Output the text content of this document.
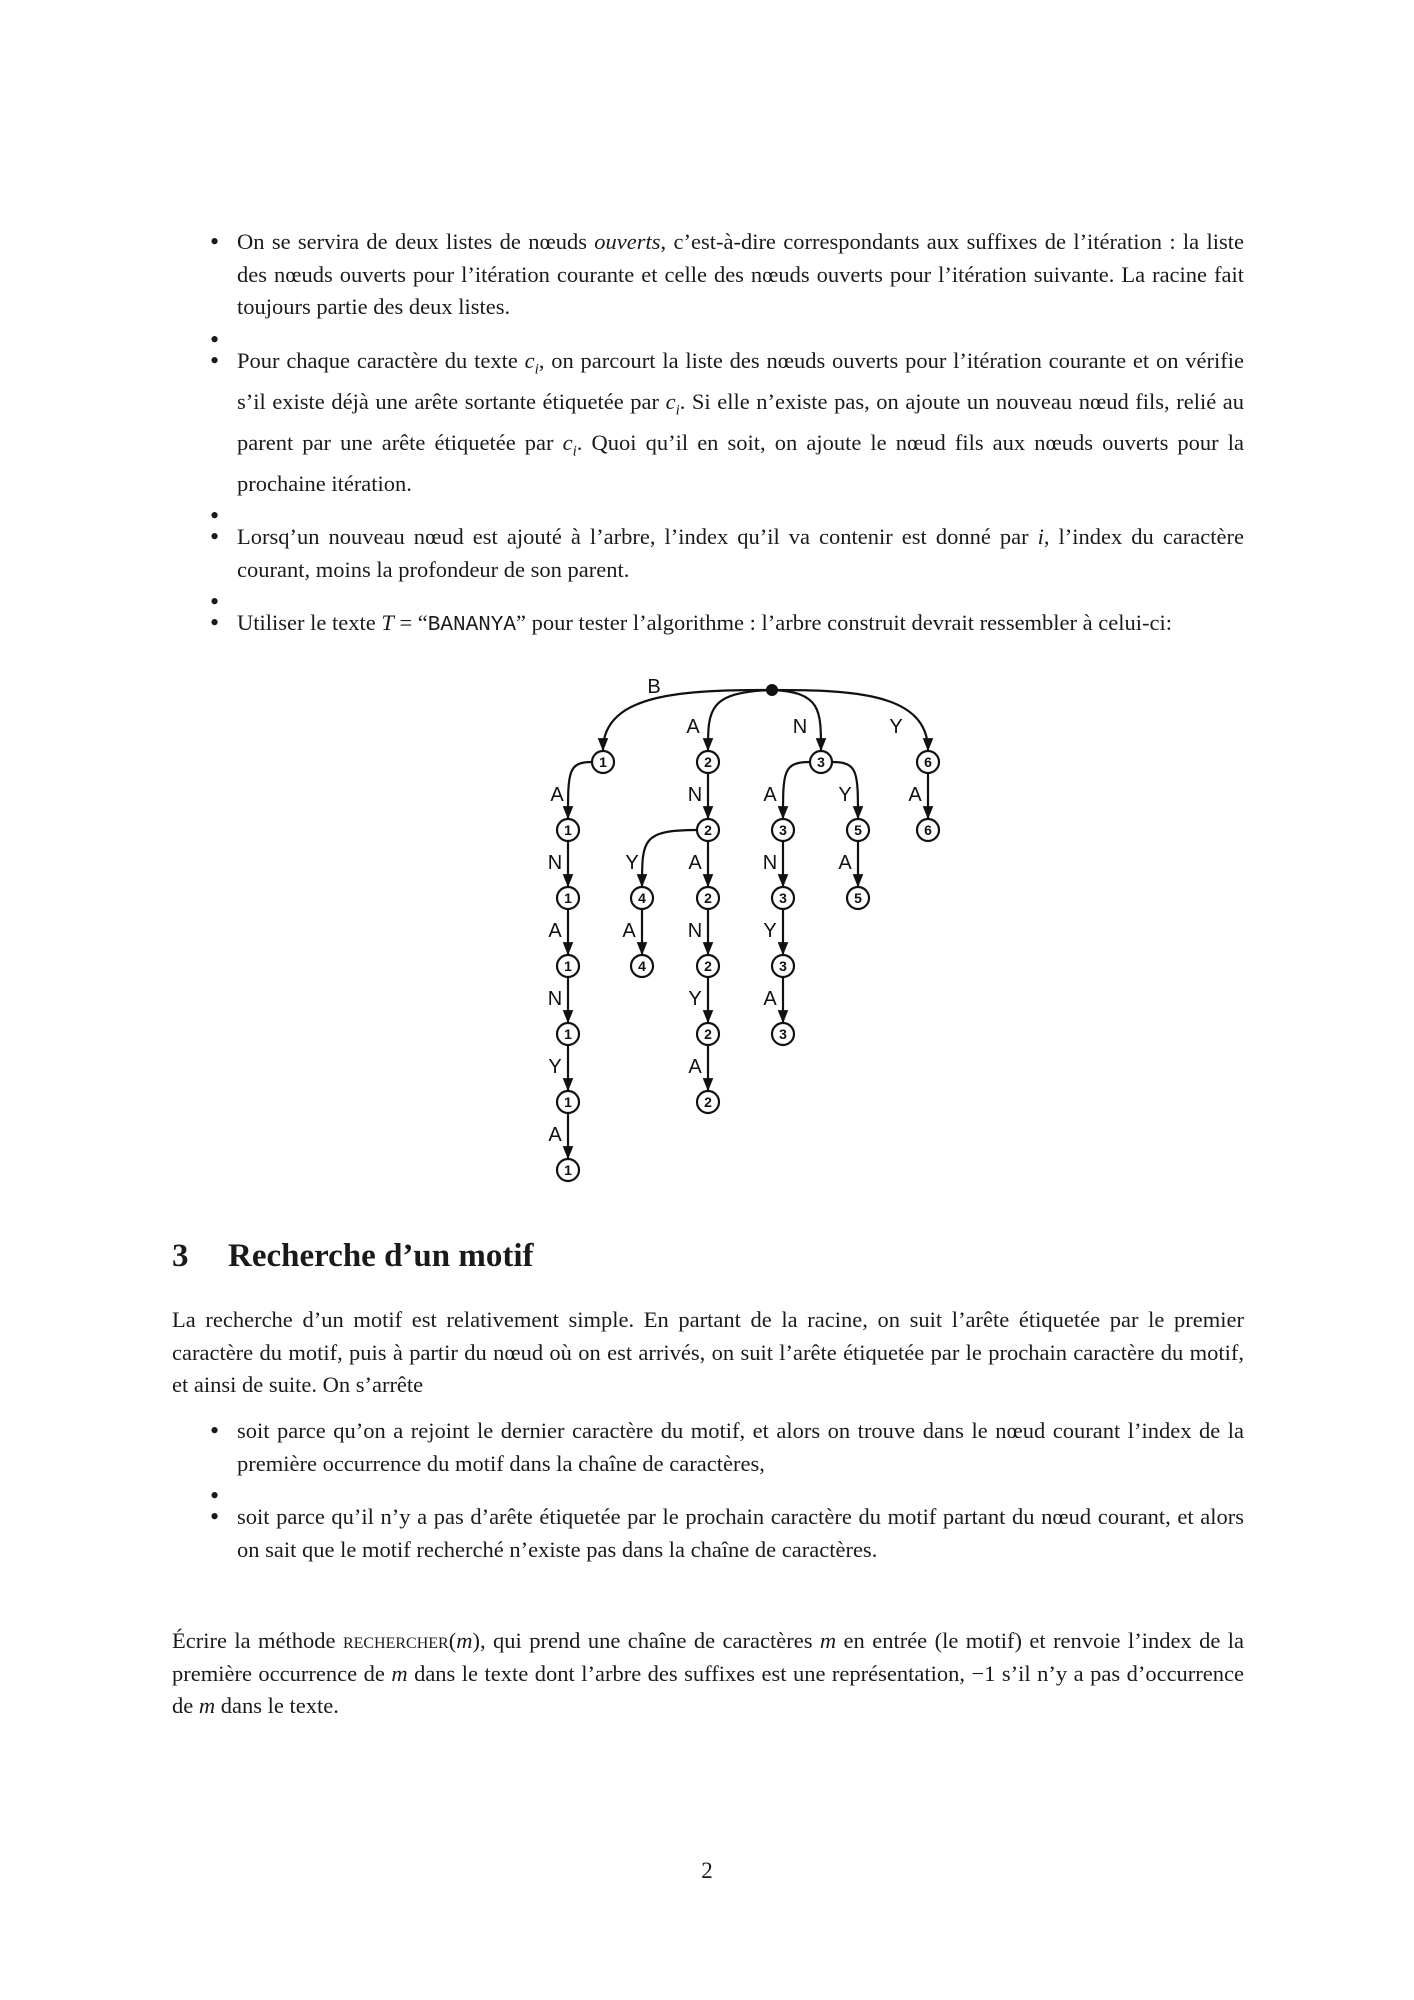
• On se servira de deux listes de nœuds ouverts, c’est-à-dire correspondants aux suffixes de l’itération : la liste des nœuds ouverts pour l’itération courante et celle des nœuds ouverts pour l’itération suivante. La racine fait toujours partie des deux listes.
•
• Pour chaque caractère du texte $c_i$, on parcourt la liste des nœuds ouverts pour l’itération courante et on vérifie s’il existe déjà une arête sortante étiquetée par $c_i$. Si elle n’existe pas, on ajoute un nouveau nœud fils, relié au parent par une arête étiquetée par $c_i$. Quoi qu’il en soit, on ajoute le nœud fils aux nœuds ouverts pour la prochaine itération.
•
• Lorsq’un nouveau nœud est ajouté à l’arbre, l’index qu’il va contenir est donné par i, l’index du caractère courant, moins la profondeur de son parent.
•
• Utiliser le texte T = “BANANYA” pour tester l’algorithme : l’arbre construit devrait ressembler à celui-ci:
B
A	N	Y
A	N	A	Y	A
N	Y A	N	A
A	A	N	Y
N	Y	A
Y	A
A
1	2	3	6
1	2	3	5	6
1	4	2	3	5
1	4	2	3
1	2	3
1	2
1
3 Recherche d’un motif
La recherche d’un motif est relativement simple. En partant de la racine, on suit l’arête étiquetée par le premier caractère du motif, puis à partir du nœud où on est arrivés, on suit l’arête étiquetée par le prochain caractère du motif, et ainsi de suite. On s’arrête
• soit parce qu’on a rejoint le dernier caractère du motif, et alors on trouve dans le nœud courant l’index de la première occurrence du motif dans la chaîne de caractères,
•
• soit parce qu’il n’y a pas d’arête étiquetée par le prochain caractère du motif partant du nœud courant, et alors on sait que le motif recherché n’existe pas dans la chaîne de caractères.
Écrire la méthode rechercher(m), qui prend une chaîne de caractères m en entrée (le motif) et renvoie l’index de la première occurrence de m dans le texte dont l’arbre des suffixes est une représentation, −1 s’il n’y a pas d’occurrence de m dans le texte.
2
